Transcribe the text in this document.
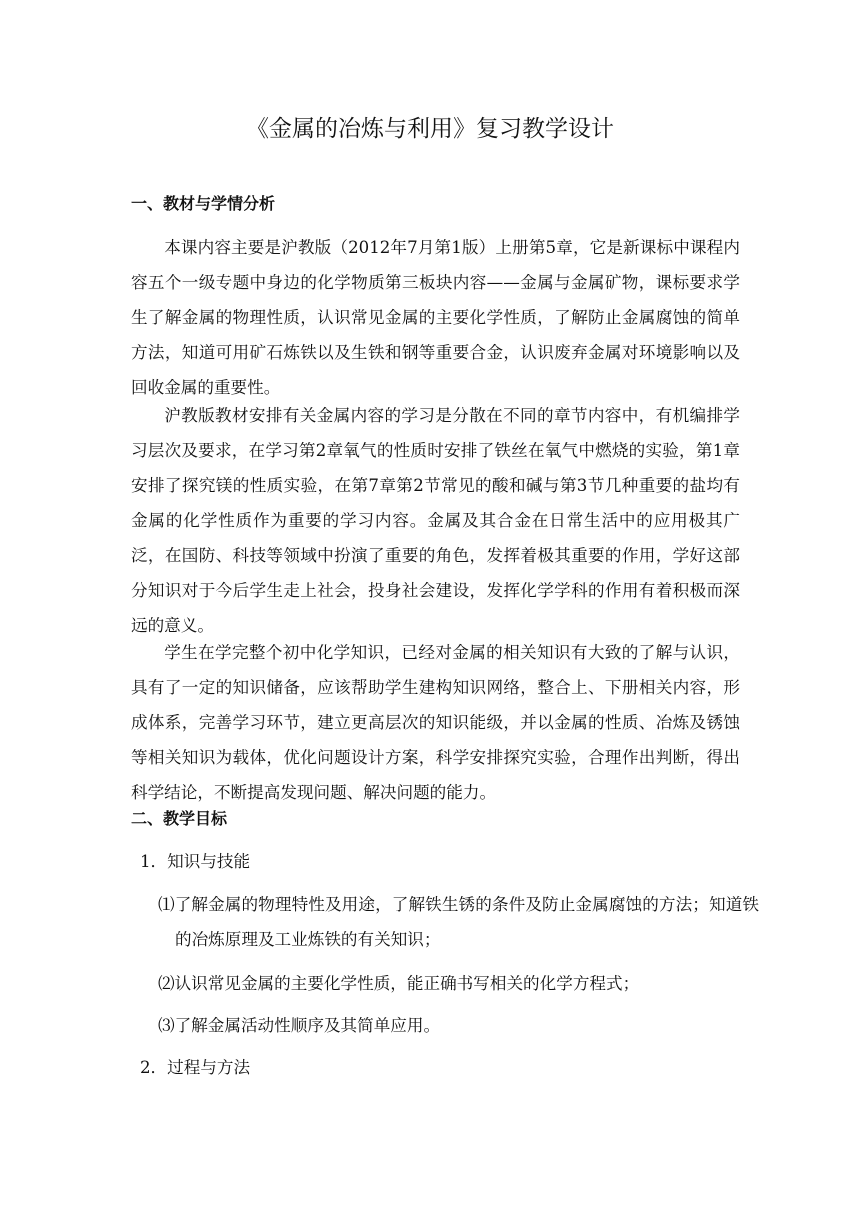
《金属的冶炼与利用》复习教学设计
一、教材与学情分析

本课内容主要是沪教版（2012年7月第1版）上册第5章，它是新课标中课程内容五个一级专题中身边的化学物质第三板块内容——金属与金属矿物，课标要求学生了解金属的物理性质，认识常见金属的主要化学性质，了解防止金属腐蚀的简单方法，知道可用矿石炼铁以及生铁和钢等重要合金，认识废弃金属对环境影响以及回收金属的重要性。

沪教版教材安排有关金属内容的学习是分散在不同的章节内容中，有机编排学习层次及要求，在学习第2章氧气的性质时安排了铁丝在氧气中燃烧的实验，第1章安排了探究镁的性质实验，在第7章第2节常见的酸和碱与第3节几种重要的盐均有金属的化学性质作为重要的学习内容。金属及其合金在日常生活中的应用极其广泛，在国防、科技等领域中扮演了重要的角色，发挥着极其重要的作用，学好这部分知识对于今后学生走上社会，投身社会建设，发挥化学学科的作用有着积极而深远的意义。

学生在学完整个初中化学知识，已经对金属的相关知识有大致的了解与认识，具有了一定的知识储备，应该帮助学生建构知识网络，整合上、下册相关内容，形成体系，完善学习环节，建立更高层次的知识能级，并以金属的性质、冶炼及锈蚀等相关知识为载体，优化问题设计方案，科学安排探究实验，合理作出判断，得出科学结论，不断提高发现问题、解决问题的能力。

二、教学目标
1．知识与技能

⑴了解金属的物理特性及用途，了解铁生锈的条件及防止金属腐蚀的方法；知道铁的冶炼原理及工业炼铁的有关知识；

⑵认识常见金属的主要化学性质，能正确书写相关的化学方程式；

⑶了解金属活动性顺序及其简单应用。

2．过程与方法
